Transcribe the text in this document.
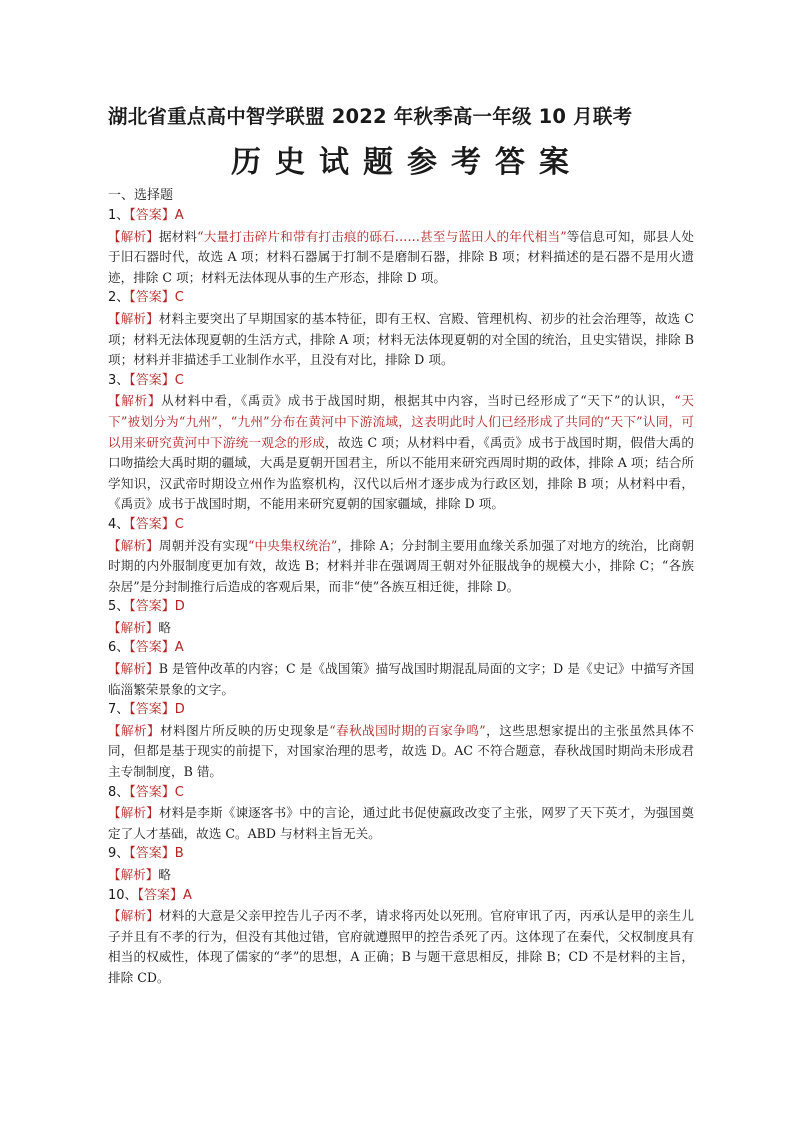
湖北省重点高中智学联盟 2022 年秋季高一年级 10 月联考
历史试题参考答案
一、选择题
1、【答案】A
【解析】据材料“大量打击碎片和带有打击痕的砾石……甚至与蓝田人的年代相当”等信息可知，郧县人处于旧石器时代，故选 A 项；材料石器属于打制不是磨制石器，排除 B 项；材料描述的是石器不是用火遗迹，排除 C 项；材料无法体现从事的生产形态，排除 D 项。
2、【答案】C
【解析】材料主要突出了早期国家的基本特征，即有王权、宫殿、管理机构、初步的社会治理等，故选 C 项；材料无法体现夏朝的生活方式，排除 A 项；材料无法体现夏朝的对全国的统治，且史实错误，排除 B 项；材料并非描述手工业制作水平，且没有对比，排除 D 项。
3、【答案】C
【解析】从材料中看，《禹贡》成书于战国时期，根据其中内容，当时已经形成了“天下”的认识，“天下”被划分为“九州”，“九州”分布在黄河中下游流域，这表明此时人们已经形成了共同的“天下”认同，可以用来研究黄河中下游统一观念的形成，故选 C 项；从材料中看，《禹贡》成书于战国时期，假借大禹的口吻描绘大禹时期的疆域，大禹是夏朝开国君主，所以不能用来研究西周时期的政体，排除 A 项；结合所学知识，汉武帝时期设立州作为监察机构，汉代以后州才逐步成为行政区划，排除 B 项；从材料中看，《禹贡》成书于战国时期，不能用来研究夏朝的国家疆域，排除 D 项。
4、【答案】C
【解析】周朝并没有实现“中央集权统治”，排除 A；分封制主要用血缘关系加强了对地方的统治，比商朝时期的内外服制度更加有效，故选 B；材料并非在强调周王朝对外征服战争的规模大小，排除 C；“各族杂居”是分封制推行后造成的客观后果，而非“使”各族互相迁徙，排除 D。
5、【答案】D
【解析】略
6、【答案】A
【解析】B 是管仲改革的内容；C 是《战国策》描写战国时期混乱局面的文字；D 是《史记》中描写齐国临淄繁荣景象的文字。
7、【答案】D
【解析】材料图片所反映的历史现象是“春秋战国时期的百家争鸣”，这些思想家提出的主张虽然具体不同，但都是基于现实的前提下，对国家治理的思考，故选 D。AC 不符合题意，春秋战国时期尚未形成君主专制制度，B 错。
8、【答案】C
【解析】材料是李斯《谏逐客书》中的言论，通过此书促使嬴政改变了主张，网罗了天下英才，为强国奠定了人才基础，故选 C。ABD 与材料主旨无关。
9、【答案】B
【解析】略
10、【答案】A
【解析】材料的大意是父亲甲控告儿子丙不孝，请求将丙处以死刑。官府审讯了丙，丙承认是甲的亲生儿子并且有不孝的行为，但没有其他过错，官府就遵照甲的控告杀死了丙。这体现了在秦代，父权制度具有相当的权威性，体现了儒家的“孝”的思想，A 正确；B 与题干意思相反，排除 B；CD 不是材料的主旨，排除 CD。
